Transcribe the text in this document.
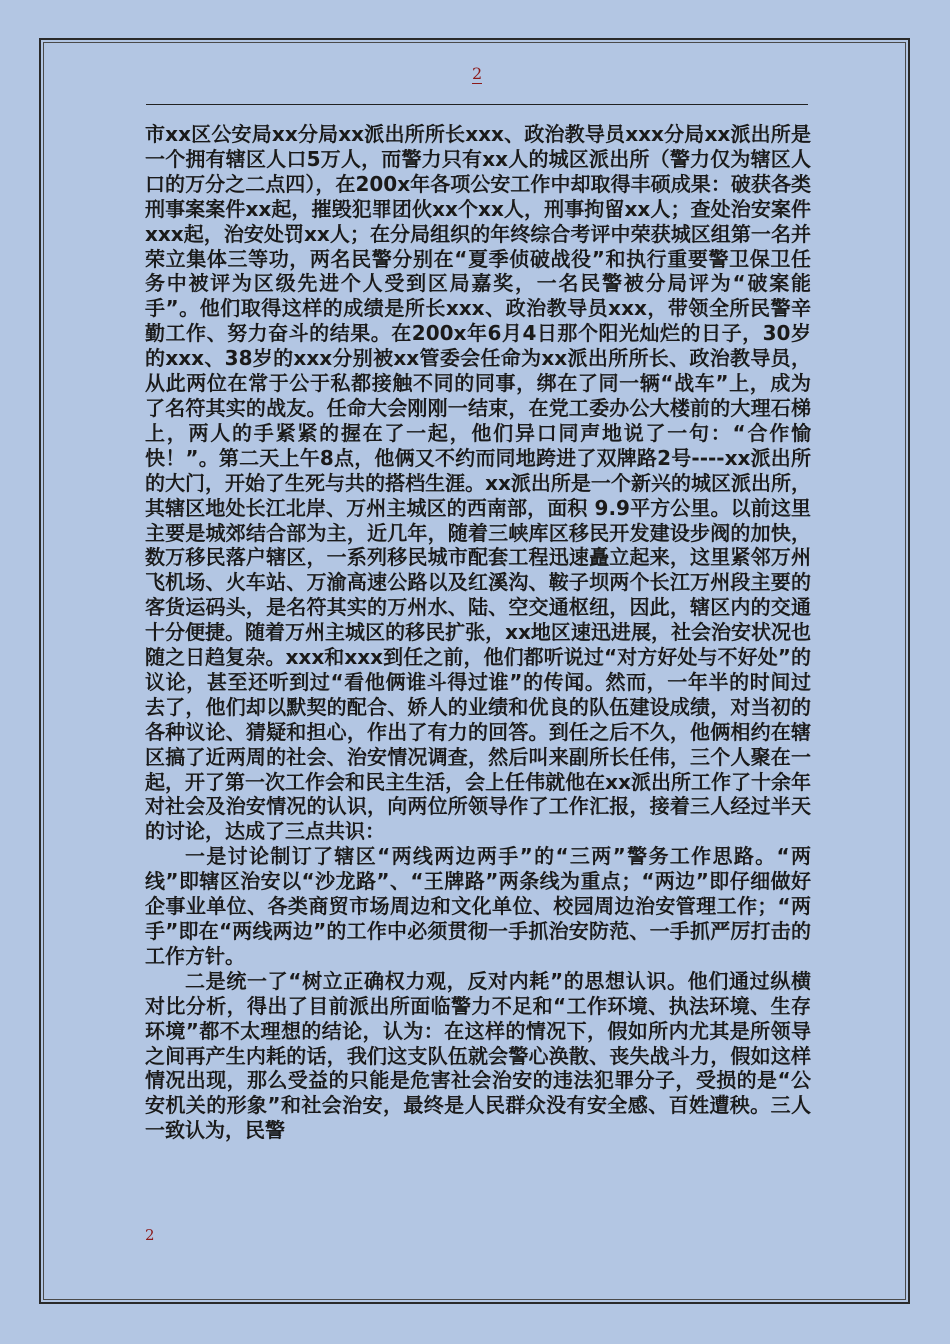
2

市xx区公安局xx分局xx派出所所长xxx、政治教导员xxx分局xx派出所是一个拥有辖区人口5万人，而警力只有xx人的城区派出所（警力仅为辖区人口的万分之二点四），在200x年各项公安工作中却取得丰硕成果：破获各类刑事案案件xx起，摧毁犯罪团伙xx个xx人，刑事拘留xx人；查处治安案件xxx起，治安处罚xx人；在分局组织的年终综合考评中荣获城区组第一名并荣立集体三等功，两名民警分别在“夏季侦破战役”和执行重要警卫保卫任务中被评为区级先进个人受到区局嘉奖，一名民警被分局评为“破案能手”。他们取得这样的成绩是所长xxx、政治教导员xxx，带领全所民警辛勤工作、努力奋斗的结果。在200x年6月4日那个阳光灿烂的日子，30岁的xxx、38岁的xxx分别被xx管委会任命为xx派出所所长、政治教导员，从此两位在常于公于私都接触不同的同事，绑在了同一辆“战车”上，成为了名符其实的战友。任命大会刚刚一结束，在党工委办公大楼前的大理石梯上，两人的手紧紧的握在了一起，他们异口同声地说了一句：“合作愉快！”。第二天上午8点，他俩又不约而同地跨进了双牌路2号----xx派出所的大门，开始了生死与共的搭档生涯。xx派出所是一个新兴的城区派出所，其辖区地处长江北岸、万州主城区的西南部，面积 9.9平方公里。以前这里主要是城郊结合部为主，近几年，随着三峡库区移民开发建设步阀的加快，数万移民落户辖区，一系列移民城市配套工程迅速矗立起来，这里紧邻万州飞机场、火车站、万渝高速公路以及红溪沟、鞍子坝两个长江万州段主要的客货运码头，是名符其实的万州水、陆、空交通枢纽，因此，辖区内的交通十分便捷。随着万州主城区的移民扩张，xx地区速迅进展，社会治安状况也随之日趋复杂。xxx和xxx到任之前，他们都听说过“对方好处与不好处”的议论，甚至还听到过“看他俩谁斗得过谁”的传闻。然而，一年半的时间过去了，他们却以默契的配合、娇人的业绩和优良的队伍建设成绩，对当初的各种议论、猜疑和担心，作出了有力的回答。到任之后不久，他俩相约在辖区搞了近两周的社会、治安情况调查，然后叫来副所长任伟，三个人聚在一起，开了第一次工作会和民主生活，会上任伟就他在xx派出所工作了十余年对社会及治安情况的认识，向两位所领导作了工作汇报，接着三人经过半天的讨论，达成了三点共识：

一是讨论制订了辖区“两线两边两手”的“三两”警务工作思路。“两线”即辖区治安以“沙龙路”、“王牌路”两条线为重点；“两边”即仔细做好企事业单位、各类商贸市场周边和文化单位、校园周边治安管理工作；“两手”即在“两线两边”的工作中必须贯彻一手抓治安防范、一手抓严厉打击的工作方针。

二是统一了“树立正确权力观，反对内耗”的思想认识。他们通过纵横对比分析，得出了目前派出所面临警力不足和“工作环境、执法环境、生存环境”都不太理想的结论，认为：在这样的情况下，假如所内尤其是所领导之间再产生内耗的话，我们这支队伍就会警心涣散、丧失战斗力，假如这样情况出现，那么受益的只能是危害社会治安的违法犯罪分子，受损的是“公安机关的形象”和社会治安，最终是人民群众没有安全感、百姓遭秧。三人一致认为，民警

2
